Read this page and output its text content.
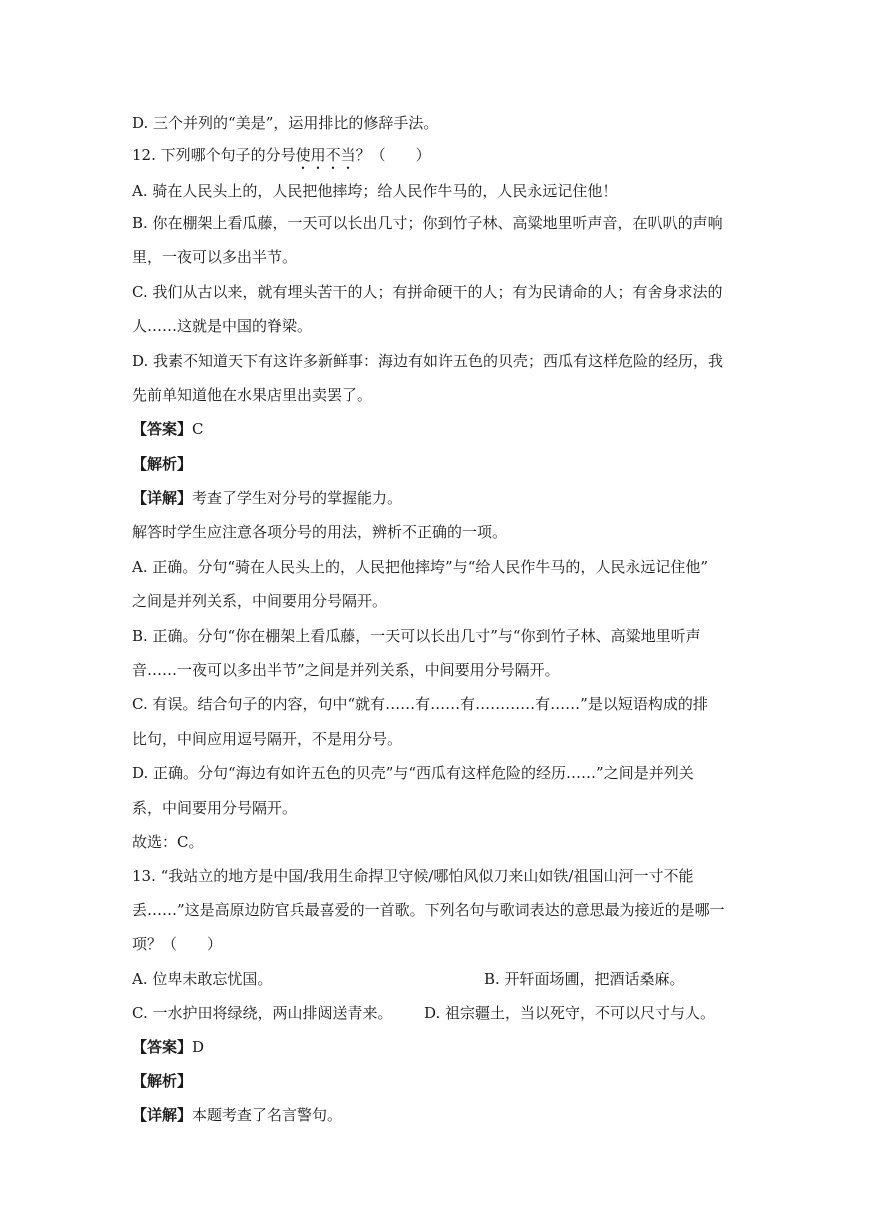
D. 三个并列的“美是”，运用排比的修辞手法。

12. 下列哪个句子的分号使用不当？（　　）

A. 骑在人民头上的，人民把他摔垮；给人民作牛马的，人民永远记住他！

B. 你在棚架上看瓜藤，一天可以长出几寸；你到竹子林、高粱地里听声音，在叭叭的声响

里，一夜可以多出半节。

C. 我们从古以来，就有埋头苦干的人；有拼命硬干的人；有为民请命的人；有舍身求法的

人……这就是中国的脊梁。

D. 我素不知道天下有这许多新鲜事：海边有如许五色的贝壳；西瓜有这样危险的经历，我

先前单知道他在水果店里出卖罢了。

【答案】C

【解析】

【详解】考查了学生对分号的掌握能力。

解答时学生应注意各项分号的用法，辨析不正确的一项。

A. 正确。分句“骑在人民头上的，人民把他摔垮”与“给人民作牛马的，人民永远记住他”

之间是并列关系，中间要用分号隔开。

B. 正确。分句“你在棚架上看瓜藤，一天可以长出几寸”与“你到竹子林、高粱地里听声

音……一夜可以多出半节”之间是并列关系，中间要用分号隔开。

C. 有误。结合句子的内容，句中“就有……有……有…………有……”是以短语构成的排

比句，中间应用逗号隔开，不是用分号。

D. 正确。分句“海边有如许五色的贝壳”与“西瓜有这样危险的经历……”之间是并列关

系，中间要用分号隔开。

故选：C。

13. “我站立的地方是中国/我用生命捍卫守候/哪怕风似刀来山如铁/祖国山河一寸不能

丢……”这是高原边防官兵最喜爱的一首歌。下列名句与歌词表达的意思最为接近的是哪一

项？（　　）

A. 位卑未敢忘忧国。	B. 开轩面场圃，把酒话桑麻。

C. 一水护田将绿绕，两山排闼送青来。 D. 祖宗疆土，当以死守，不可以尺寸与人。

【答案】D

【解析】

【详解】本题考查了名言警句。
